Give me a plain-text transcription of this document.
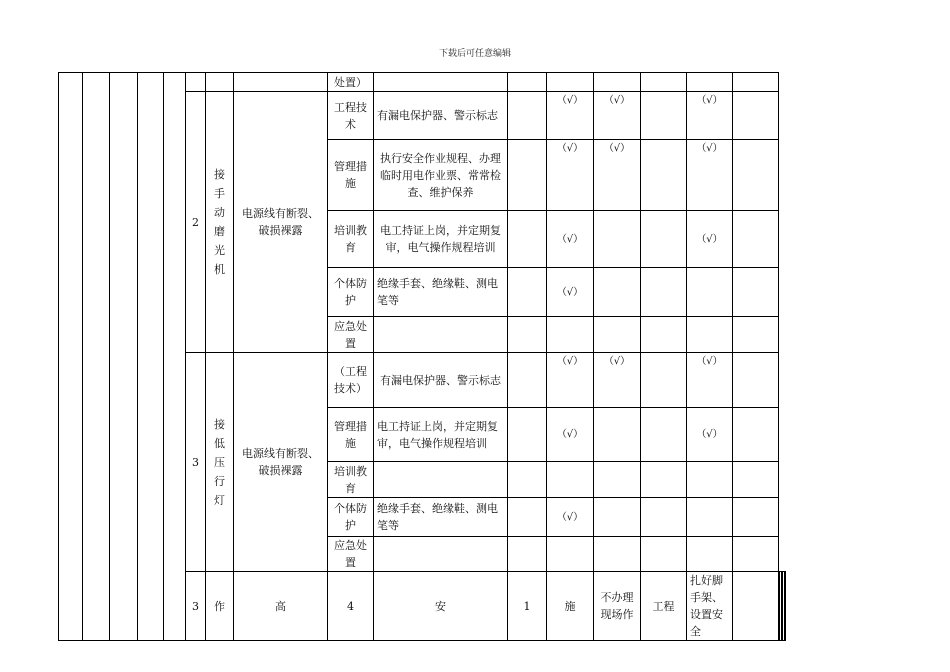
下载后可任意编辑
								处置）										
					2	接手动磨光机	电源线有断裂、破损裸露	工程技术	有漏电保护器、警示标志		（√）	（√）		（√）				
								管理措施	执行安全作业规程、办理临时用电作业票、常常检查、维护保养		（√）	（√）		（√）				
								培训教育	电工持证上岗，并定期复审，电气操作规程培训		（√）			（√）				
								个体防护	绝缘手套、绝缘鞋、测电笔等		（√）							
								应急处置										
					3	接低压行灯	电源线有断裂、破损裸露	（工程技术）	有漏电保护器、警示标志		（√）	（√）		（√）				
								管理措施	电工持证上岗，并定期复审，电气操作规程培训		（√）			（√）				
								培训教育										
								个体防护	绝缘手套、绝缘鞋、测电笔等		（√）							
								应急处置										
					3	作	高	4	安	1	施	不办理现场作	工程	扎好脚手架、设置安全						
